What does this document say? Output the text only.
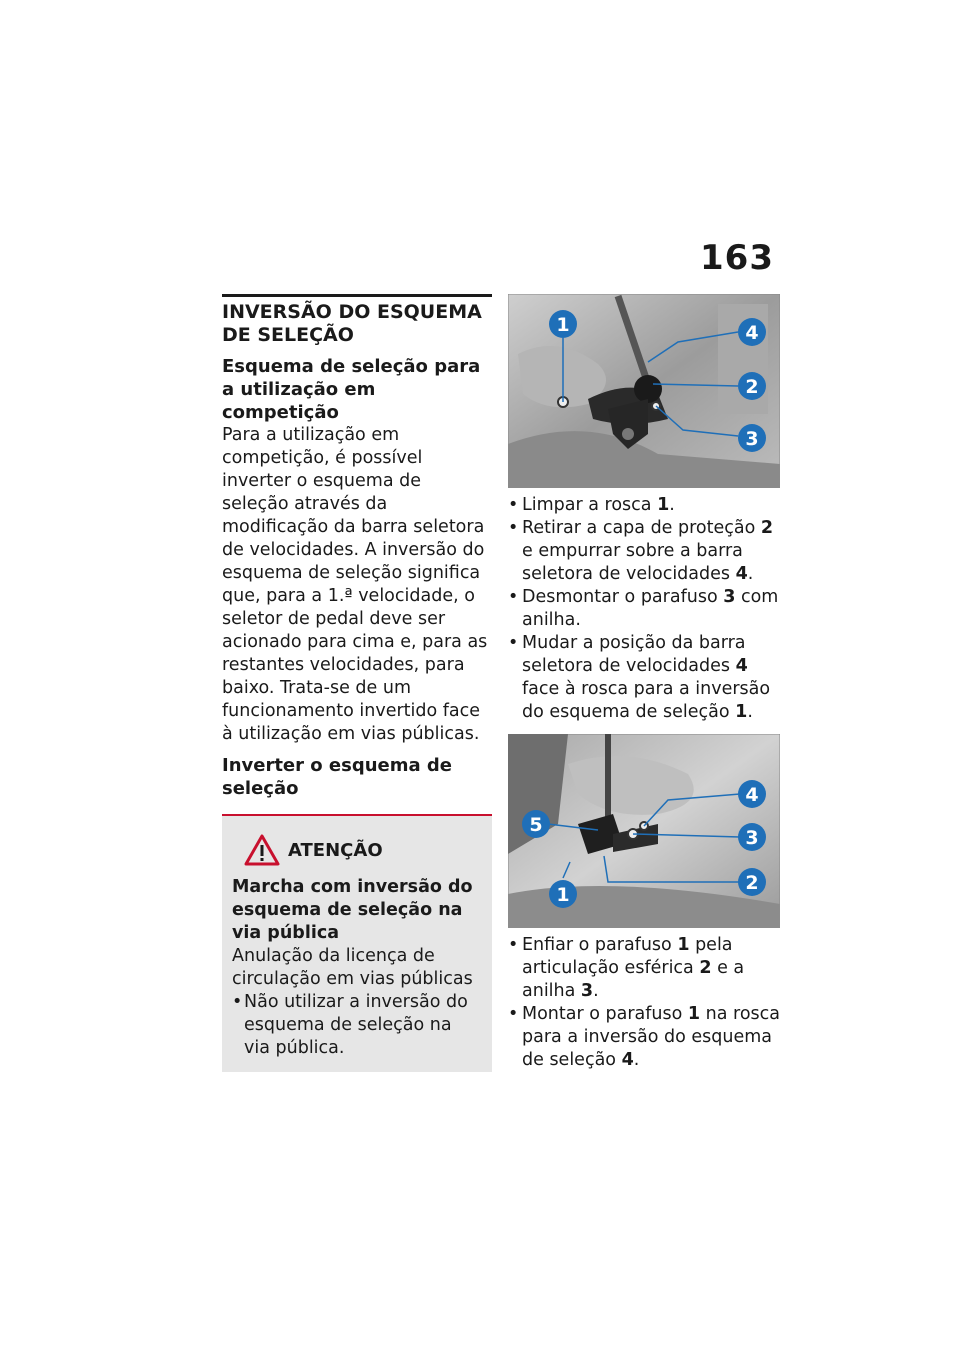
163
INVERSÃO DO ESQUEMA DE SELEÇÃO
Esquema de seleção para a utilização em competição

Para a utilização em competição, é possível inverter o esquema de seleção através da modificação da barra seletora de velocidades. A inversão do esquema de seleção significa que, para a 1.ª velocidade, o seletor de pedal deve ser acionado para cima e, para as restantes velocidades, para baixo. Trata-se de um funcionamento invertido face à utilização em vias públicas.

Inverter o esquema de seleção
ATENÇÃO
Marcha com inversão do esquema de seleção na via pública
Anulação da licença de circulação em vias públicas
• Não utilizar a inversão do esquema de seleção na via pública.
1	4
2
3
• Limpar a rosca 1.
• Retirar a capa de proteção 2 e empurrar sobre a barra seletora de velocidades 4.
• Desmontar o parafuso 3 com anilha.
• Mudar a posição da barra seletora de velocidades 4 face à rosca para a inversão do esquema de seleção 1.
5
4
3
2
1
• Enfiar o parafuso 1 pela articulação esférica 2 e a anilha 3.
• Montar o parafuso 1 na rosca para a inversão do esquema de seleção 4.
